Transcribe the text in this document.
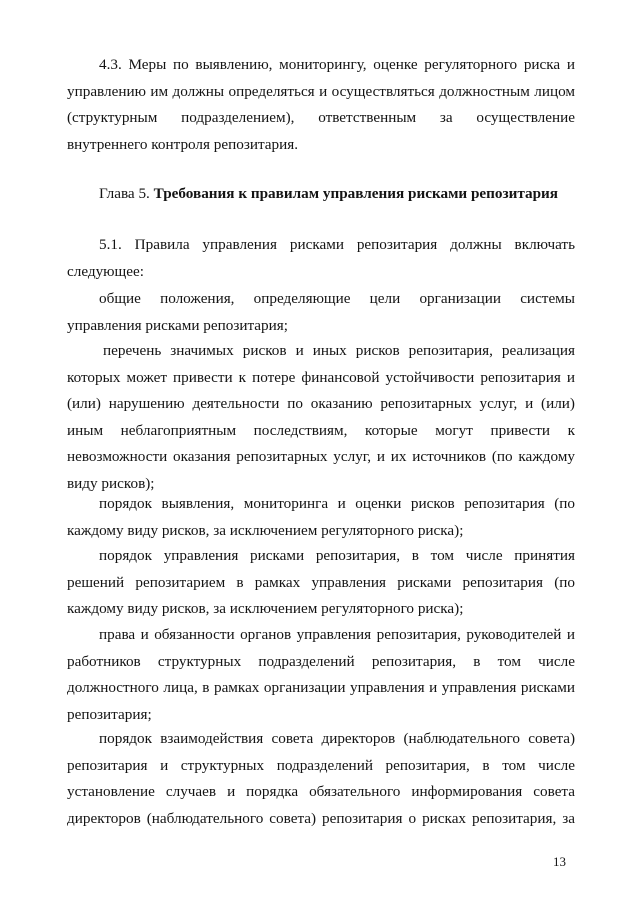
4.3. Меры по выявлению, мониторингу, оценке регуляторного риска и
управлению им должны определяться и осуществляться должностным лицом
(структурным подразделением), ответственным за осуществление
внутреннего контроля репозитария.

Глава 5. Требования к правилам управления рисками репозитария

5.1. Правила управления рисками репозитария должны включать
следующее:
общие положения, определяющие цели организации системы
управления рисками репозитария;
перечень значимых рисков и иных рисков репозитария, реализация
которых может привести к потере финансовой устойчивости репозитария и
(или) нарушению деятельности по оказанию репозитарных услуг, и (или)
иным неблагоприятным последствиям, которые могут привести к
невозможности оказания репозитарных услуг, и их источников (по каждому
виду рисков);
порядок выявления, мониторинга и оценки рисков репозитария (по
каждому виду рисков, за исключением регуляторного риска);
порядок управления рисками репозитария, в том числе принятия
решений репозитарием в рамках управления рисками репозитария (по
каждому виду рисков, за исключением регуляторного риска);
права и обязанности органов управления репозитария, руководителей и
работников структурных подразделений репозитария, в том числе
должностного лица, в рамках организации управления и управления рисками
репозитария;
порядок взаимодействия совета директоров (наблюдательного совета)
репозитария и структурных подразделений репозитария, в том числе
установление случаев и порядка обязательного информирования совета
директоров (наблюдательного совета) репозитария о рисках репозитария, за
13
